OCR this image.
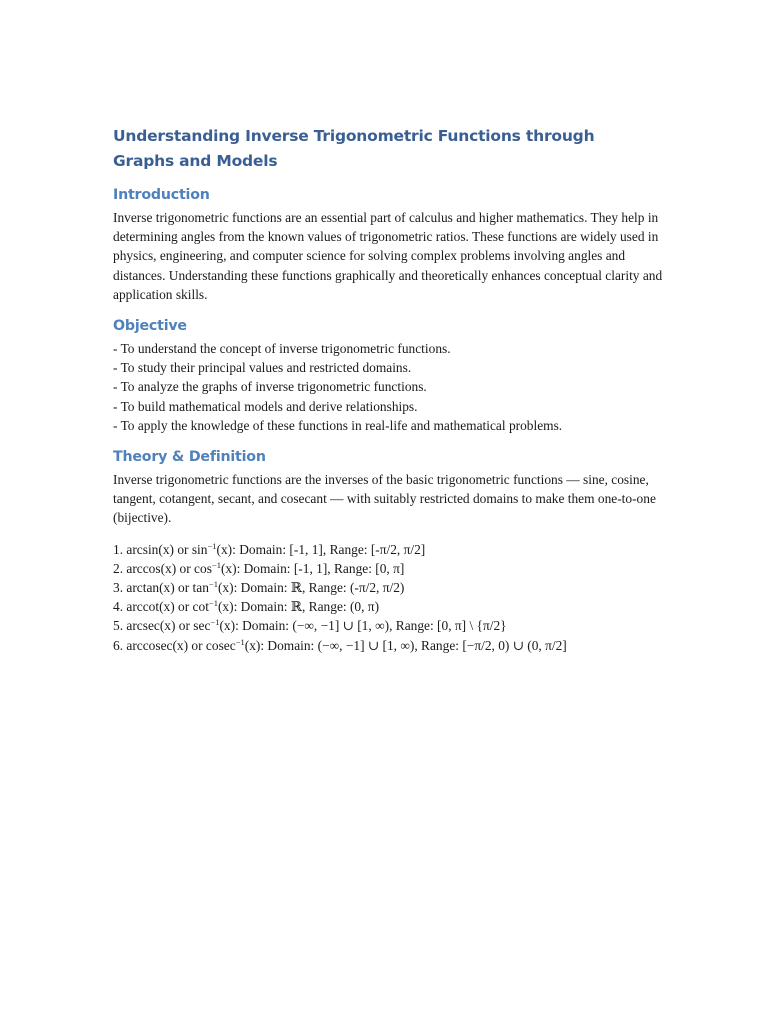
Understanding Inverse Trigonometric Functions through Graphs and Models
Introduction

Inverse trigonometric functions are an essential part of calculus and higher mathematics. They help in determining angles from the known values of trigonometric ratios. These functions are widely used in physics, engineering, and computer science for solving complex problems involving angles and distances. Understanding these functions graphically and theoretically enhances conceptual clarity and application skills.

Objective
- To understand the concept of inverse trigonometric functions.
- To study their principal values and restricted domains.
- To analyze the graphs of inverse trigonometric functions.
- To build mathematical models and derive relationships.
- To apply the knowledge of these functions in real-life and mathematical problems.
Theory & Definition

Inverse trigonometric functions are the inverses of the basic trigonometric functions — sine, cosine, tangent, cotangent, secant, and cosecant — with suitably restricted domains to make them one-to-one (bijective).

1. arcsin(x) or $\sin^{-1}(x)$: Domain: [-1, 1], Range: [-π/2, π/2]
2. arccos(x) or $\cos^{-1}(x)$: Domain: [-1, 1], Range: [0, π]
3. arctan(x) or $\tan^{-1}(x)$: Domain: ℝ, Range: (-π/2, π/2)
4. arccot(x) or $\cot^{-1}(x)$: Domain: ℝ, Range: (0, π)
5. arcsec(x) or $\sec^{-1}(x)$: Domain: (−∞, −1] ∪ [1, ∞), Range: [0, π] \ {π/2}
6. arccosec(x) or cosec$^{-1}$(x): Domain: (−∞, −1] ∪ [1, ∞), Range: [−π/2, 0) ∪ (0, π/2]
